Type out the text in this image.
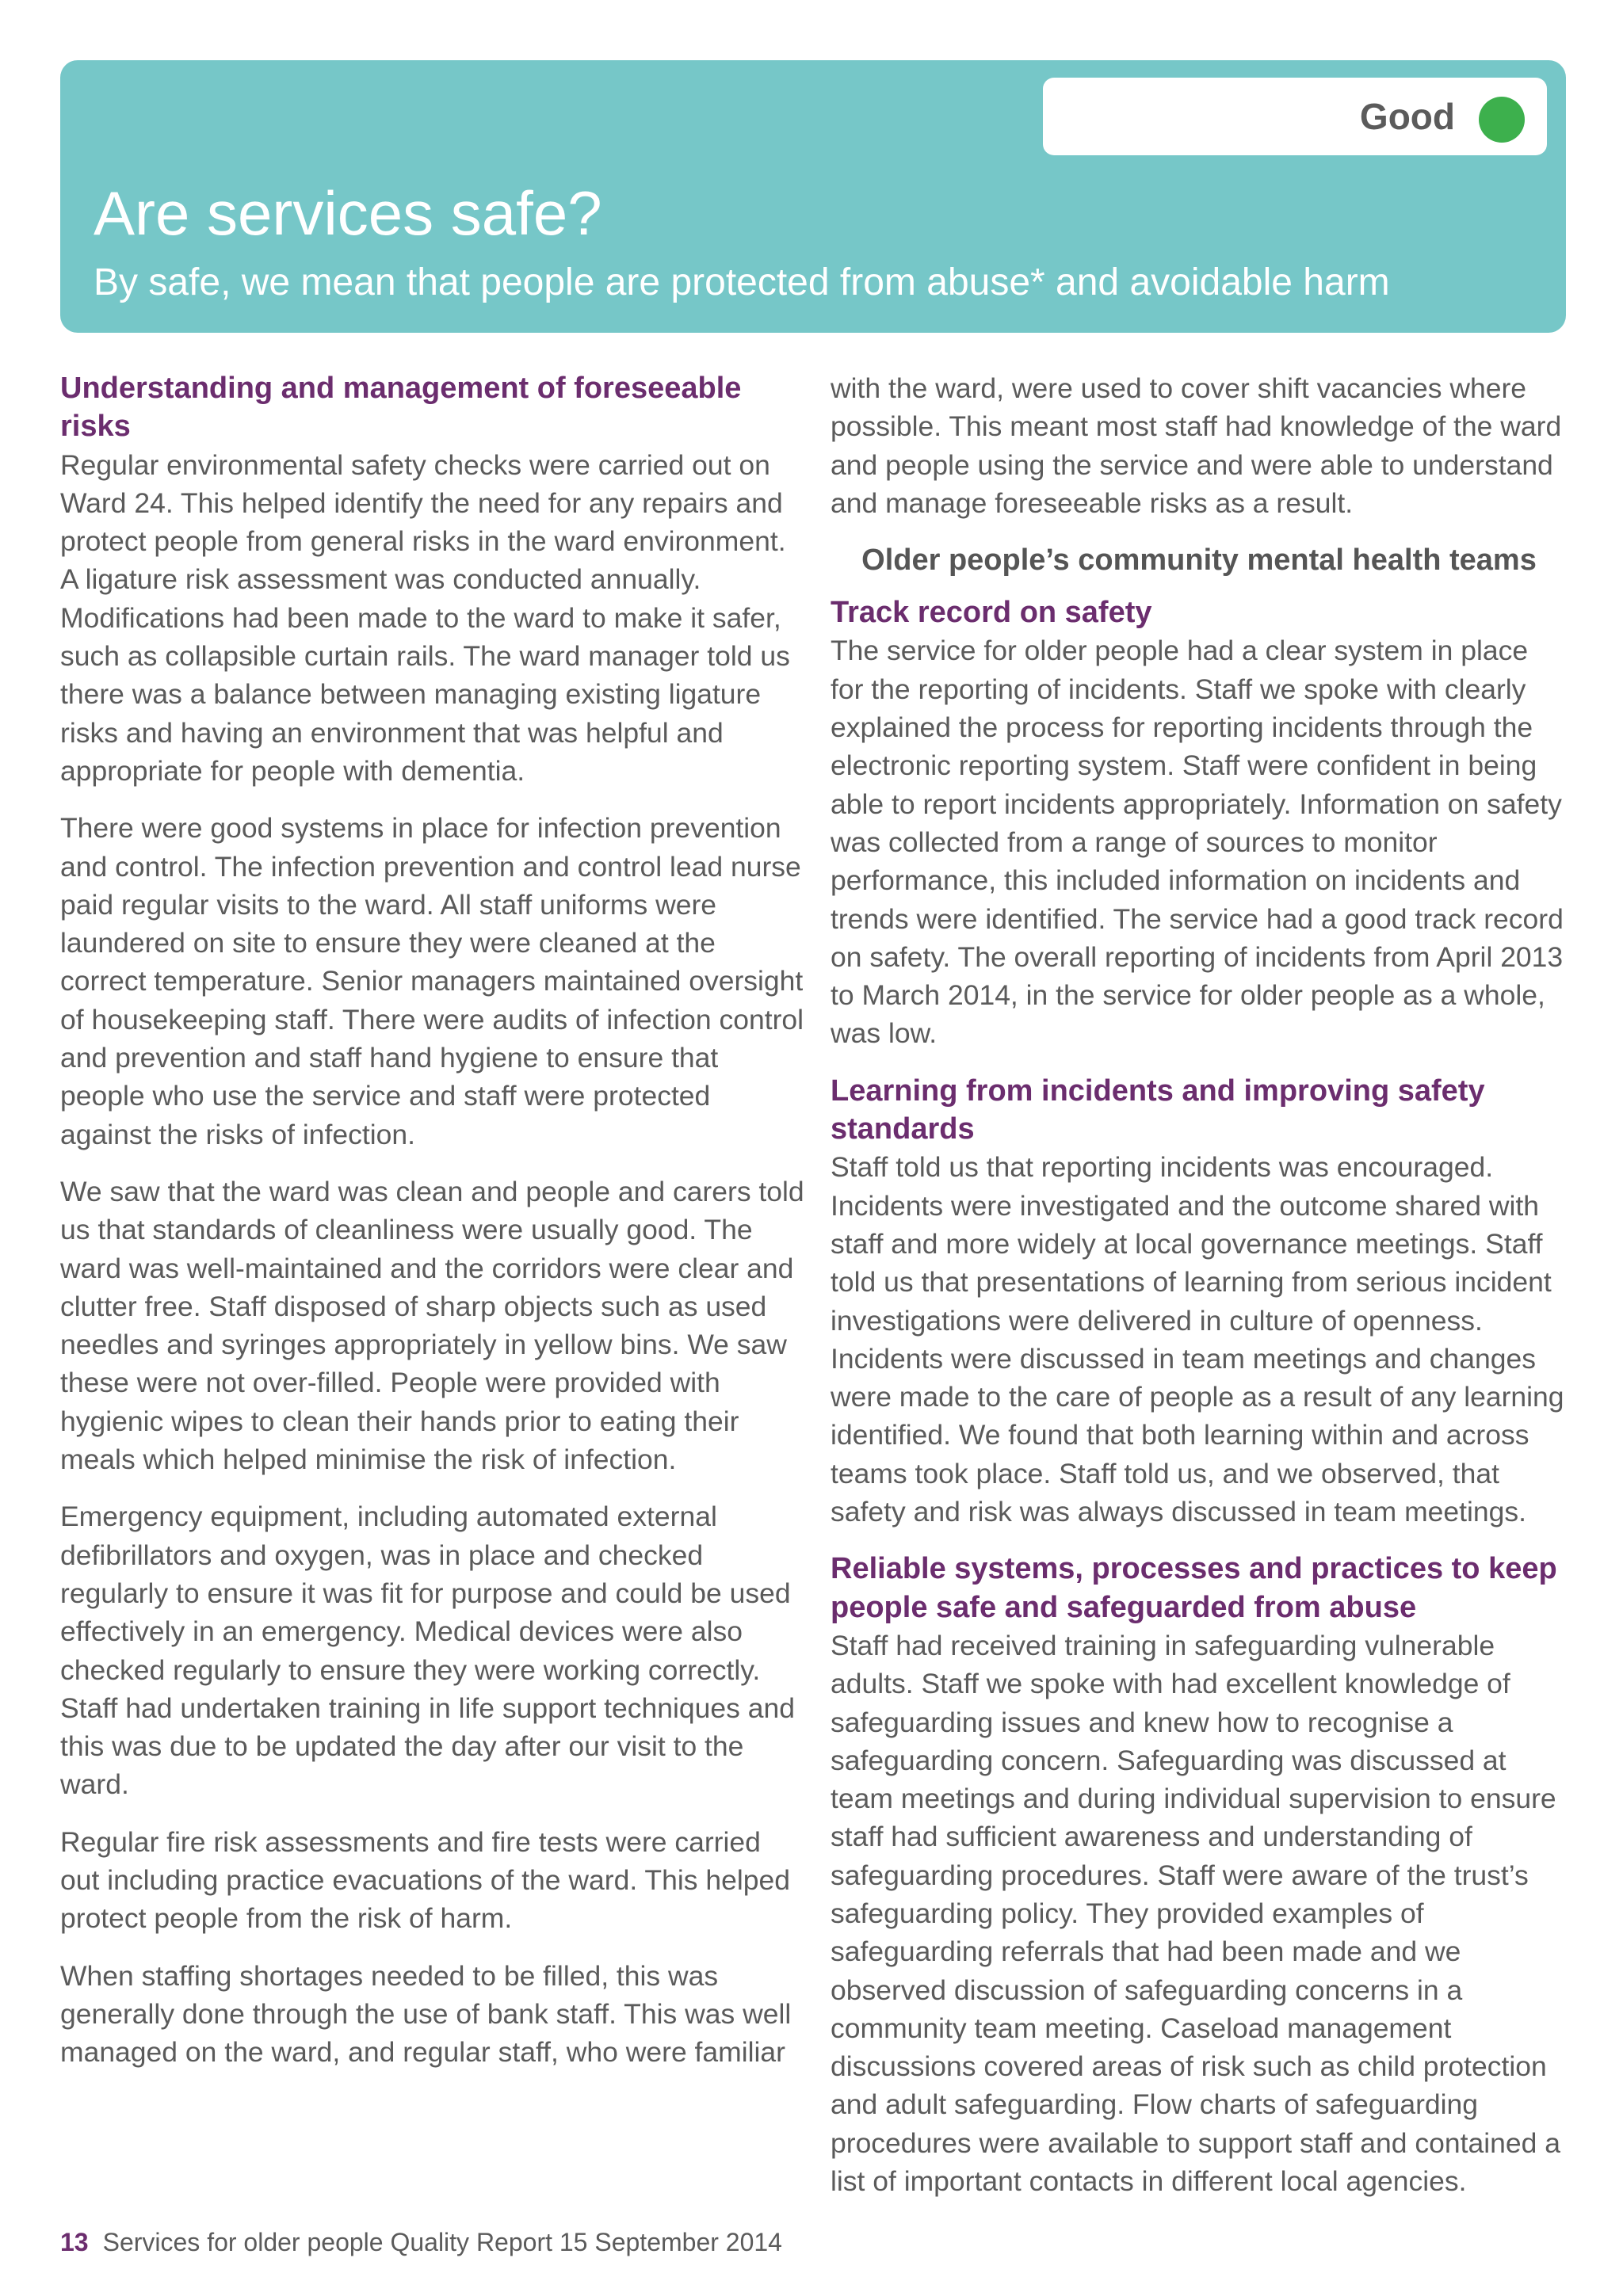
Good
Are services safe?

By safe, we mean that people are protected from abuse* and avoidable harm

Understanding and management of foreseeable risks

Regular environmental safety checks were carried out on Ward 24. This helped identify the need for any repairs and protect people from general risks in the ward environment. A ligature risk assessment was conducted annually. Modifications had been made to the ward to make it safer, such as collapsible curtain rails. The ward manager told us there was a balance between managing existing ligature risks and having an environment that was helpful and appropriate for people with dementia.

There were good systems in place for infection prevention and control. The infection prevention and control lead nurse paid regular visits to the ward. All staff uniforms were laundered on site to ensure they were cleaned at the correct temperature. Senior managers maintained oversight of housekeeping staff. There were audits of infection control and prevention and staff hand hygiene to ensure that people who use the service and staff were protected against the risks of infection.

We saw that the ward was clean and people and carers told us that standards of cleanliness were usually good. The ward was well-maintained and the corridors were clear and clutter free. Staff disposed of sharp objects such as used needles and syringes appropriately in yellow bins. We saw these were not over-filled. People were provided with hygienic wipes to clean their hands prior to eating their meals which helped minimise the risk of infection.

Emergency equipment, including automated external defibrillators and oxygen, was in place and checked regularly to ensure it was fit for purpose and could be used effectively in an emergency. Medical devices were also checked regularly to ensure they were working correctly. Staff had undertaken training in life support techniques and this was due to be updated the day after our visit to the ward.

Regular fire risk assessments and fire tests were carried out including practice evacuations of the ward. This helped protect people from the risk of harm.

When staffing shortages needed to be filled, this was generally done through the use of bank staff. This was well managed on the ward, and regular staff, who were familiar

with the ward, were used to cover shift vacancies where possible. This meant most staff had knowledge of the ward and people using the service and were able to understand and manage foreseeable risks as a result.

Older people’s community mental health teams
Track record on safety

The service for older people had a clear system in place for the reporting of incidents. Staff we spoke with clearly explained the process for reporting incidents through the electronic reporting system. Staff were confident in being able to report incidents appropriately. Information on safety was collected from a range of sources to monitor performance, this included information on incidents and trends were identified. The service had a good track record on safety. The overall reporting of incidents from April 2013 to March 2014, in the service for older people as a whole, was low.

Learning from incidents and improving safety standards

Staff told us that reporting incidents was encouraged. Incidents were investigated and the outcome shared with staff and more widely at local governance meetings. Staff told us that presentations of learning from serious incident investigations were delivered in culture of openness. Incidents were discussed in team meetings and changes were made to the care of people as a result of any learning identified. We found that both learning within and across teams took place. Staff told us, and we observed, that safety and risk was always discussed in team meetings.

Reliable systems, processes and practices to keep people safe and safeguarded from abuse

Staff had received training in safeguarding vulnerable adults. Staff we spoke with had excellent knowledge of safeguarding issues and knew how to recognise a safeguarding concern. Safeguarding was discussed at team meetings and during individual supervision to ensure staff had sufficient awareness and understanding of safeguarding procedures. Staff were aware of the trust’s safeguarding policy. They provided examples of safeguarding referrals that had been made and we observed discussion of safeguarding concerns in a community team meeting. Caseload management discussions covered areas of risk such as child protection and adult safeguarding. Flow charts of safeguarding procedures were available to support staff and contained a list of important contacts in different local agencies.

13 Services for older people Quality Report 15 September 2014
